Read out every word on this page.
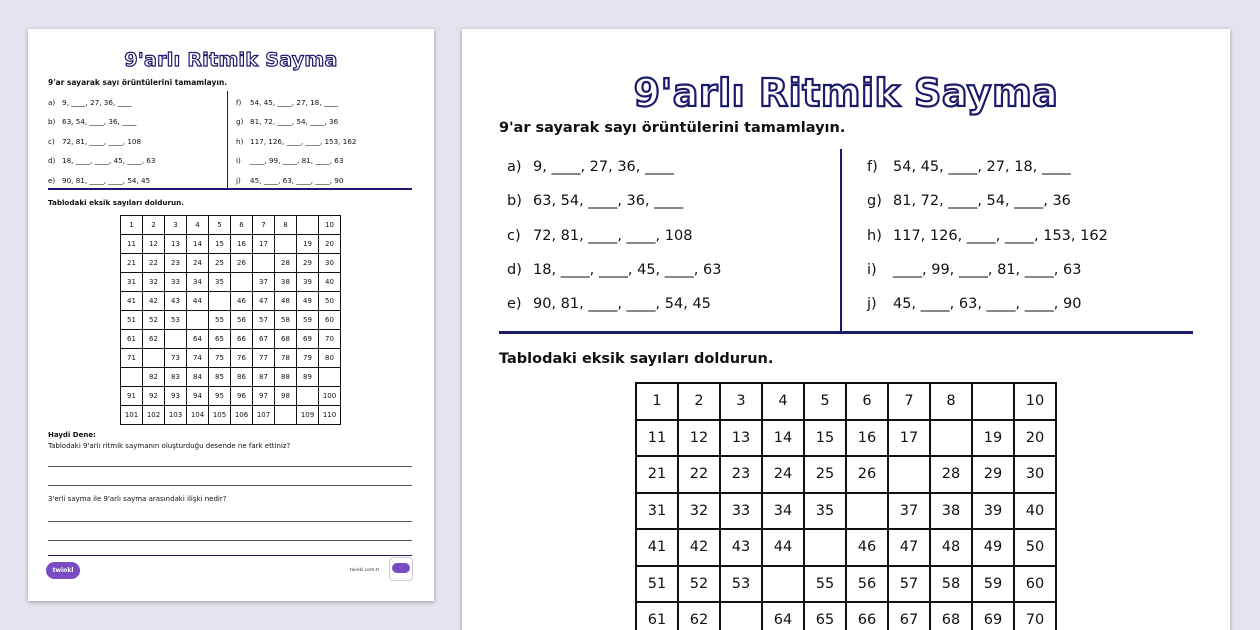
9'arlı Ritmik Sayma
9'ar sayarak sayı örüntülerini tamamlayın.
a) 9, ____, 27, 36, ____
b) 63, 54, ____, 36, ____
c) 72, 81, ____, ____, 108
d) 18, ____, ____, 45, ____, 63
e) 90, 81, ____, ____, 54, 45
f) 54, 45, ____, 27, 18, ____
g) 81, 72, ____, 54, ____, 36
h) 117, 126, ____, ____, 153, 162
i) ____, 99, ____, 81, ____, 63
j) 45, ____, 63, ____, ____, 90
Tablodaki eksik sayıları doldurun.
1	2	3	4	5	6	7	8		10
11	12	13	14	15	16	17		19	20
21	22	23	24	25	26		28	29	30
31	32	33	34	35		37	38	39	40
41	42	43	44		46	47	48	49	50
51	52	53		55	56	57	58	59	60
61	62		64	65	66	67	68	69	70
71		73	74	75	76	77	78	79	80
	82	83	84	85	86	87	88	89	
91	92	93	94	95	96	97	98		100
101	102	103	104	105	106	107		109	110
Haydi Dene:
Tablodaki 9'arlı ritmik saymanın oluşturduğu desende ne fark ettiniz?
3'erli sayma ile 9'arlı sayma arasındaki ilişki nedir?
twinkl	twinkl.com.tr
9'arlı Ritmik Sayma
9'ar sayarak sayı örüntülerini tamamlayın.
a) 9, ____, 27, 36, ____
b) 63, 54, ____, 36, ____
c) 72, 81, ____, ____, 108
d) 18, ____, ____, 45, ____, 63
e) 90, 81, ____, ____, 54, 45
f) 54, 45, ____, 27, 18, ____
g) 81, 72, ____, 54, ____, 36
h) 117, 126, ____, ____, 153, 162
i) ____, 99, ____, 81, ____, 63
j) 45, ____, 63, ____, ____, 90
Tablodaki eksik sayıları doldurun.
1	2	3	4	5	6	7	8		10
11	12	13	14	15	16	17		19	20
21	22	23	24	25	26		28	29	30
31	32	33	34	35		37	38	39	40
41	42	43	44		46	47	48	49	50
51	52	53		55	56	57	58	59	60
61	62		64	65	66	67	68	69	70
